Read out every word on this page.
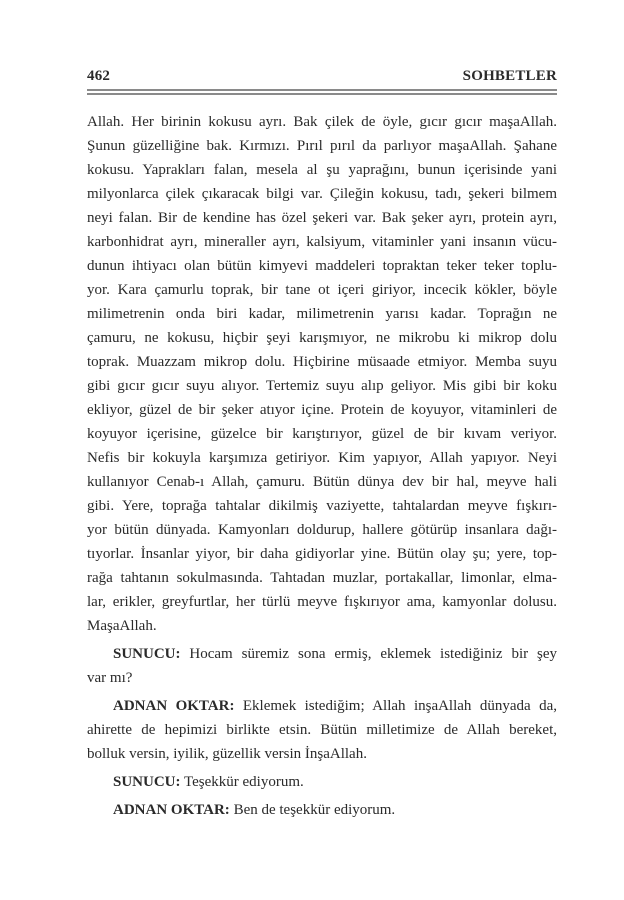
462	SOHBETLER
Allah. Her birinin kokusu ayrı. Bak çilek de öyle, gıcır gıcır maşaAllah.
Şunun güzelliğine bak. Kırmızı. Pırıl pırıl da parlıyor maşaAllah. Şahane
kokusu. Yaprakları falan, mesela al şu yaprağını, bunun içerisinde yani
milyonlarca çilek çıkaracak bilgi var. Çileğin kokusu, tadı, şekeri bilmem
neyi falan. Bir de kendine has özel şekeri var. Bak şeker ayrı, protein ayrı,
karbonhidrat ayrı, mineraller ayrı, kalsiyum, vitaminler yani insanın vücu-
dunun ihtiyacı olan bütün kimyevi maddeleri topraktan teker teker toplu-
yor. Kara çamurlu toprak, bir tane ot içeri giriyor, incecik kökler, böyle
milimetrenin onda biri kadar, milimetrenin yarısı kadar. Toprağın ne
çamuru, ne kokusu, hiçbir şeyi karışmıyor, ne mikrobu ki mikrop dolu
toprak. Muazzam mikrop dolu. Hiçbirine müsaade etmiyor. Memba suyu
gibi gıcır gıcır suyu alıyor. Tertemiz suyu alıp geliyor. Mis gibi bir koku
ekliyor, güzel de bir şeker atıyor içine. Protein de koyuyor, vitaminleri de
koyuyor içerisine, güzelce bir karıştırıyor, güzel de bir kıvam veriyor.
Nefis bir kokuyla karşımıza getiriyor. Kim yapıyor, Allah yapıyor. Neyi
kullanıyor Cenab-ı Allah, çamuru. Bütün dünya dev bir hal, meyve hali
gibi. Yere, toprağa tahtalar dikilmiş vaziyette, tahtalardan meyve fışkırı-
yor bütün dünyada. Kamyonları doldurup, hallere götürüp insanlara dağı-
tıyorlar. İnsanlar yiyor, bir daha gidiyorlar yine. Bütün olay şu; yere, top-
rağa tahtanın sokulmasında. Tahtadan muzlar, portakallar, limonlar, elma-
lar, erikler, greyfurtlar, her türlü meyve fışkırıyor ama, kamyonlar dolusu.
MaşaAllah.
SUNUCU: Hocam süremiz sona ermiş, eklemek istediğiniz bir şey
var mı?
ADNAN OKTAR: Eklemek istediğim; Allah inşaAllah dünyada da,
ahirette de hepimizi birlikte etsin. Bütün milletimize de Allah bereket,
bolluk versin, iyilik, güzellik versin İnşaAllah.
SUNUCU: Teşekkür ediyorum.
ADNAN OKTAR: Ben de teşekkür ediyorum.
